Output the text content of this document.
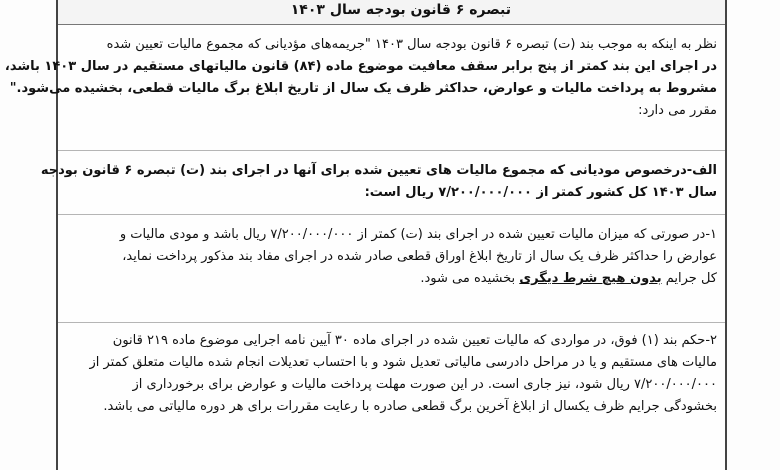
تبصره ۶ قانون بودجه سال ۱۴۰۳
نظر به اینکه به موجب بند (ت) تبصره ۶ قانون بودجه سال ۱۴۰۳ "جریمه‌های مؤدیانی که مجموع مالیات تعیین شده
در اجرای این بند کمتر از پنج برابر سقف معافیت موضوع ماده (۸۴) قانون مالیاتهای مستقیم در سال ۱۴۰۳ باشد،
مشروط به پرداخت مالیات و عوارض، حداکثر ظرف یک سال از تاریخ ابلاغ برگ مالیات قطعی، بخشیده می‌شود."
مقرر می دارد:
الف-درخصوص مودیانی که مجموع مالیات های تعیین شده برای آنها در اجرای بند (ت) تبصره ۶ قانون بودجه
سال ۱۴۰۳ کل کشور کمتر از ۷/۲۰۰/۰۰۰/۰۰۰ ریال است:
۱-در صورتی که میزان مالیات تعیین شده در اجرای بند (ت) کمتر از ۷/۲۰۰/۰۰۰/۰۰۰ ریال باشد و مودی مالیات و
عوارض را حداکثر ظرف یک سال از تاریخ ابلاغ اوراق قطعی صادر شده در اجرای مفاد بند مذکور پرداخت نماید،
کل جرایم بدون هیچ شرط دیگری بخشیده می شود.
۲-حکم بند (۱) فوق، در مواردی که مالیات تعیین شده در اجرای ماده ۳۰ آیین نامه اجرایی موضوع ماده ۲۱۹ قانون
مالیات های مستقیم و یا در مراحل دادرسی مالیاتی تعدیل شود و با احتساب تعدیلات انجام شده مالیات متعلق کمتر از
۷/۲۰۰/۰۰۰/۰۰۰ ریال شود، نیز جاری است. در این صورت مهلت پرداخت مالیات و عوارض برای برخورداری از
بخشودگی جرایم ظرف یکسال از ابلاغ آخرین برگ قطعی صادره با رعایت مقررات برای هر دوره مالیاتی می باشد.
